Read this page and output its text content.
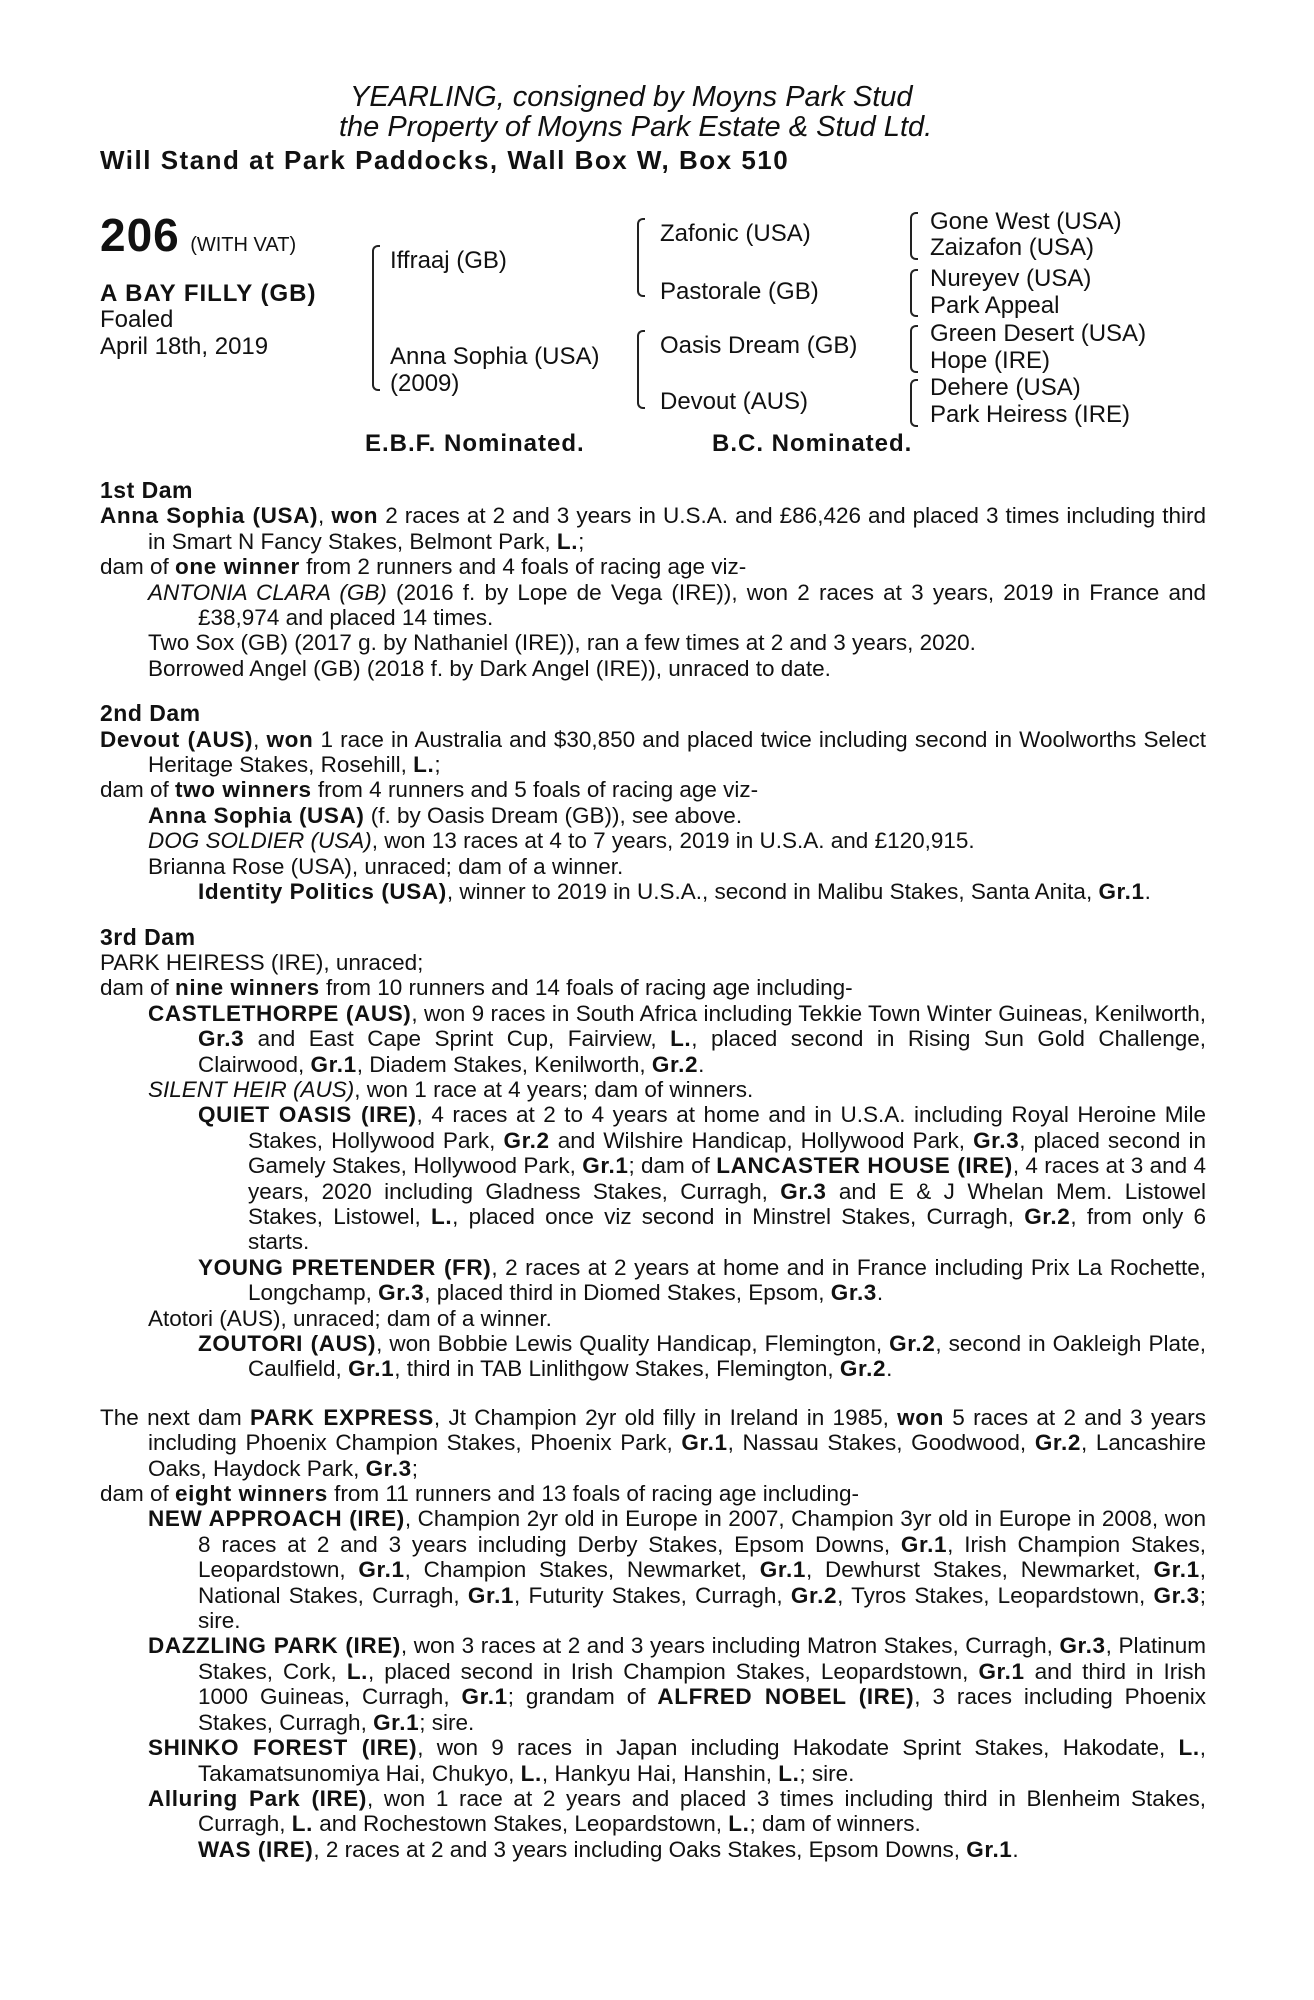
YEARLING, consigned by Moyns Park Stud
the Property of Moyns Park Estate & Stud Ltd.
Will Stand at Park Paddocks, Wall Box W, Box 510
206 (WITH VAT)
A BAY FILLY (GB)
Foaled
April 18th, 2019
Iffraaj (GB)
Anna Sophia (USA)
(2009)
Zafonic (USA)
Pastorale (GB)
Oasis Dream (GB)
Devout (AUS)
Gone West (USA)
Zaizafon (USA)
Nureyev (USA)
Park Appeal
Green Desert (USA)
Hope (IRE)
Dehere (USA)
Park Heiress (IRE)
E.B.F. Nominated.	B.C. Nominated.
1st Dam
Anna Sophia (USA), won 2 races at 2 and 3 years in U.S.A. and £86,426 and placed 3 times including third in Smart N Fancy Stakes, Belmont Park, L.;
dam of one winner from 2 runners and 4 foals of racing age viz-
ANTONIA CLARA (GB) (2016 f. by Lope de Vega (IRE)), won 2 races at 3 years, 2019 in France and £38,974 and placed 14 times.
Two Sox (GB) (2017 g. by Nathaniel (IRE)), ran a few times at 2 and 3 years, 2020.
Borrowed Angel (GB) (2018 f. by Dark Angel (IRE)), unraced to date.
2nd Dam
Devout (AUS), won 1 race in Australia and $30,850 and placed twice including second in Woolworths Select Heritage Stakes, Rosehill, L.;
dam of two winners from 4 runners and 5 foals of racing age viz-
Anna Sophia (USA) (f. by Oasis Dream (GB)), see above.
DOG SOLDIER (USA), won 13 races at 4 to 7 years, 2019 in U.S.A. and £120,915.
Brianna Rose (USA), unraced; dam of a winner.
Identity Politics (USA), winner to 2019 in U.S.A., second in Malibu Stakes, Santa Anita, Gr.1.
3rd Dam
PARK HEIRESS (IRE), unraced;
dam of nine winners from 10 runners and 14 foals of racing age including-
CASTLETHORPE (AUS), won 9 races in South Africa including Tekkie Town Winter Guineas, Kenilworth, Gr.3 and East Cape Sprint Cup, Fairview, L., placed second in Rising Sun Gold Challenge, Clairwood, Gr.1, Diadem Stakes, Kenilworth, Gr.2.
SILENT HEIR (AUS), won 1 race at 4 years; dam of winners.
QUIET OASIS (IRE), 4 races at 2 to 4 years at home and in U.S.A. including Royal Heroine Mile Stakes, Hollywood Park, Gr.2 and Wilshire Handicap, Hollywood Park, Gr.3, placed second in Gamely Stakes, Hollywood Park, Gr.1; dam of LANCASTER HOUSE (IRE), 4 races at 3 and 4 years, 2020 including Gladness Stakes, Curragh, Gr.3 and E & J Whelan Mem. Listowel Stakes, Listowel, L., placed once viz second in Minstrel Stakes, Curragh, Gr.2, from only 6 starts.
YOUNG PRETENDER (FR), 2 races at 2 years at home and in France including Prix La Rochette, Longchamp, Gr.3, placed third in Diomed Stakes, Epsom, Gr.3.
Atotori (AUS), unraced; dam of a winner.
ZOUTORI (AUS), won Bobbie Lewis Quality Handicap, Flemington, Gr.2, second in Oakleigh Plate, Caulfield, Gr.1, third in TAB Linlithgow Stakes, Flemington, Gr.2.
The next dam PARK EXPRESS, Jt Champion 2yr old filly in Ireland in 1985, won 5 races at 2 and 3 years including Phoenix Champion Stakes, Phoenix Park, Gr.1, Nassau Stakes, Goodwood, Gr.2, Lancashire Oaks, Haydock Park, Gr.3;
dam of eight winners from 11 runners and 13 foals of racing age including-
NEW APPROACH (IRE), Champion 2yr old in Europe in 2007, Champion 3yr old in Europe in 2008, won 8 races at 2 and 3 years including Derby Stakes, Epsom Downs, Gr.1, Irish Champion Stakes, Leopardstown, Gr.1, Champion Stakes, Newmarket, Gr.1, Dewhurst Stakes, Newmarket, Gr.1, National Stakes, Curragh, Gr.1, Futurity Stakes, Curragh, Gr.2, Tyros Stakes, Leopardstown, Gr.3; sire.
DAZZLING PARK (IRE), won 3 races at 2 and 3 years including Matron Stakes, Curragh, Gr.3, Platinum Stakes, Cork, L., placed second in Irish Champion Stakes, Leopardstown, Gr.1 and third in Irish 1000 Guineas, Curragh, Gr.1; grandam of ALFRED NOBEL (IRE), 3 races including Phoenix Stakes, Curragh, Gr.1; sire.
SHINKO FOREST (IRE), won 9 races in Japan including Hakodate Sprint Stakes, Hakodate, L., Takamatsunomiya Hai, Chukyo, L., Hankyu Hai, Hanshin, L.; sire.
Alluring Park (IRE), won 1 race at 2 years and placed 3 times including third in Blenheim Stakes, Curragh, L. and Rochestown Stakes, Leopardstown, L.; dam of winners.
WAS (IRE), 2 races at 2 and 3 years including Oaks Stakes, Epsom Downs, Gr.1.
